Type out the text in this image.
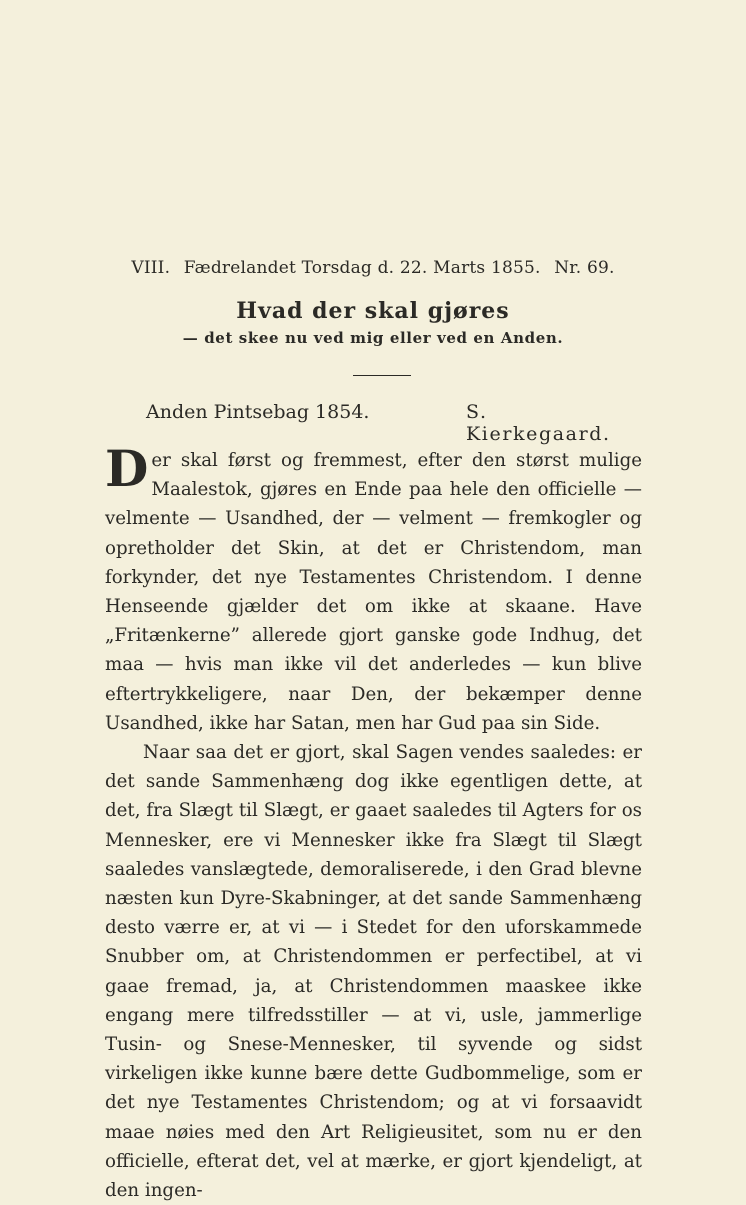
VIII. Fædrelandet Torsdag d. 22. Marts 1855. Nr. 69.
Hvad der skal gjøres
— det skee nu ved mig eller ved en Anden.
Anden Pintsebag 1854.	S. Kierkegaard.

Der skal først og fremmest, efter den størst mulige Maalestok, gjøres en Ende paa hele den officielle — velmente — Usandhed, der — velment — fremkogler og opretholder det Skin, at det er Christendom, man forkynder, det nye Testamentes Christendom. I denne Henseende gjælder det om ikke at skaane. Have „Fritænkerne” allerede gjort ganske gode Indhug, det maa — hvis man ikke vil det anderledes — kun blive eftertrykkeligere, naar Den, der bekæmper denne Usandhed, ikke har Satan, men har Gud paa sin Side.

Naar saa det er gjort, skal Sagen vendes saaledes: er det sande Sammenhæng dog ikke egentligen dette, at det, fra Slægt til Slægt, er gaaet saaledes til Agters for os Mennesker, ere vi Mennesker ikke fra Slægt til Slægt saaledes vanslægtede, demoraliserede, i den Grad blevne næsten kun Dyre-Skabninger, at det sande Sammenhæng desto værre er, at vi — i Stedet for den uforskammede Snubber om, at Christendommen er perfectibel, at vi gaae fremad, ja, at Christendommen maaskee ikke engang mere tilfredsstiller — at vi, usle, jammerlige Tusin- og Snese-Mennesker, til syvende og sidst virkeligen ikke kunne bære dette Gudbommelige, som er det nye Testamentes Christendom; og at vi forsaavidt maae nøies med den Art Religieusitet, som nu er den officielle, efterat det, vel at mærke, er gjort kjendeligt, at den ingen-
